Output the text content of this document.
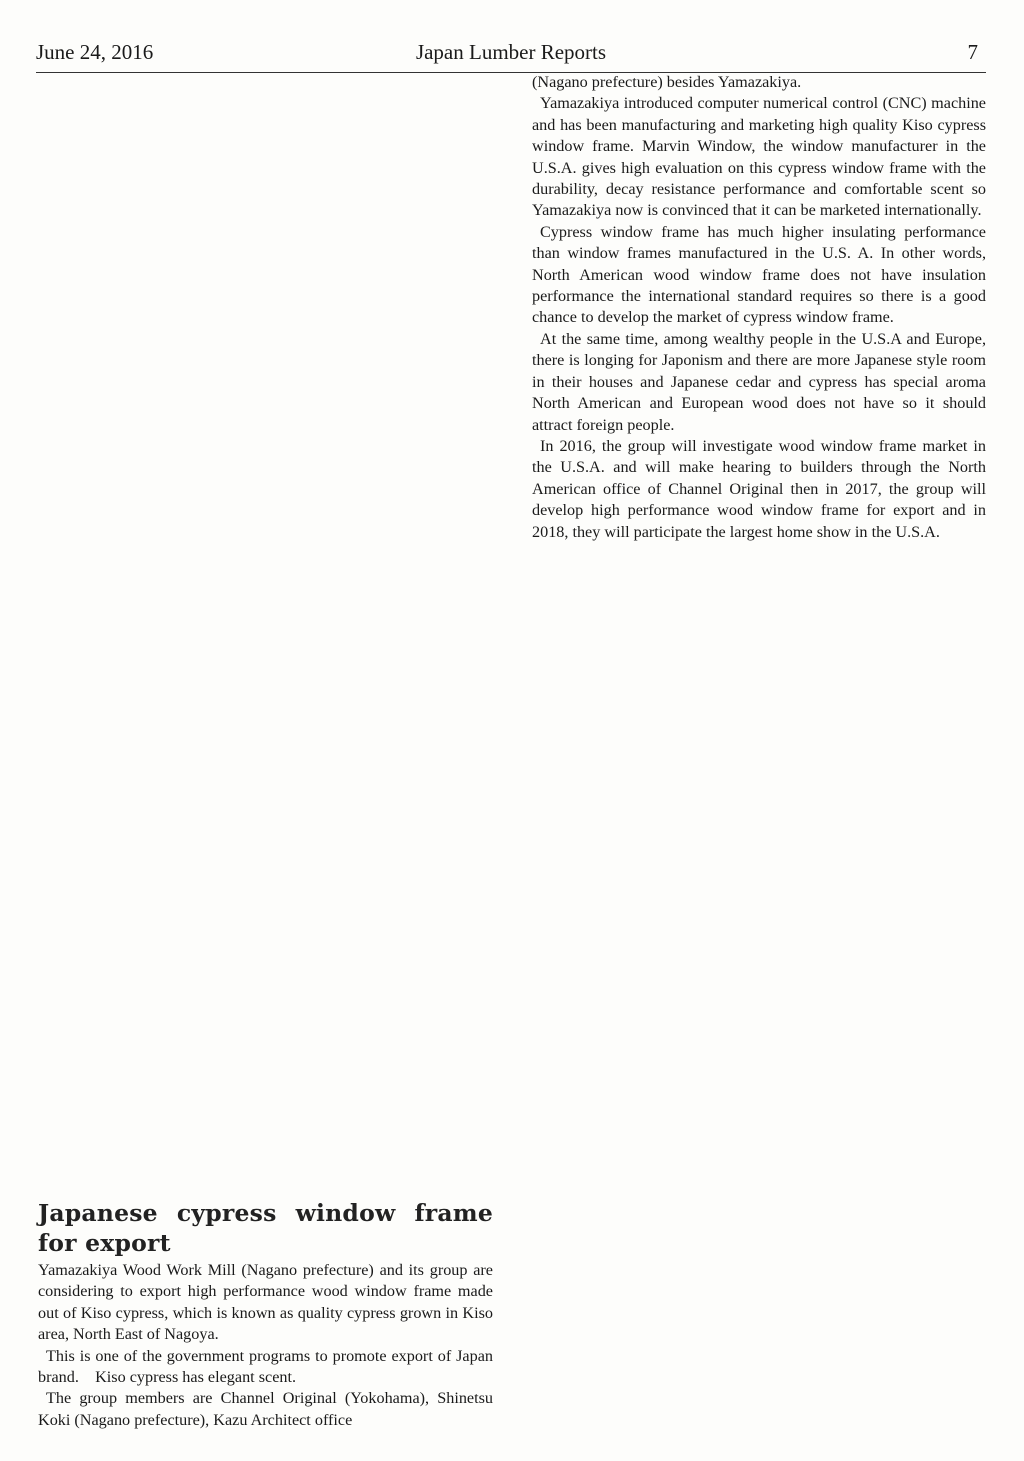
June 24, 2016	Japan Lumber Reports	7

(Nagano prefecture) besides Yamazakiya.

Yamazakiya introduced computer numerical control (CNC) machine and has been manufacturing and marketing high quality Kiso cypress window frame. Marvin Window, the window manufacturer in the U.S.A. gives high evaluation on this cypress window frame with the durability, decay resistance performance and comfortable scent so Yamazakiya now is convinced that it can be marketed internationally.

Cypress window frame has much higher insulating performance than window frames manufactured in the U.S. A. In other words, North American wood window frame does not have insulation performance the international standard requires so there is a good chance to develop the market of cypress window frame.

At the same time, among wealthy people in the U.S.A and Europe, there is longing for Japonism and there are more Japanese style room in their houses and Japanese cedar and cypress has special aroma North American and European wood does not have so it should attract foreign people.

In 2016, the group will investigate wood window frame market in the U.S.A. and will make hearing to builders through the North American office of Channel Original then in 2017, the group will develop high performance wood window frame for export and in 2018, they will participate the largest home show in the U.S.A.

Japanese cypress window frame for export

Yamazakiya Wood Work Mill (Nagano prefecture) and its group are considering to export high performance wood window frame made out of Kiso cypress, which is known as quality cypress grown in Kiso area, North East of Nagoya.

This is one of the government programs to promote export of Japan brand.    Kiso cypress has elegant scent.

The group members are Channel Original (Yokohama), Shinetsu Koki (Nagano prefecture), Kazu Architect office
